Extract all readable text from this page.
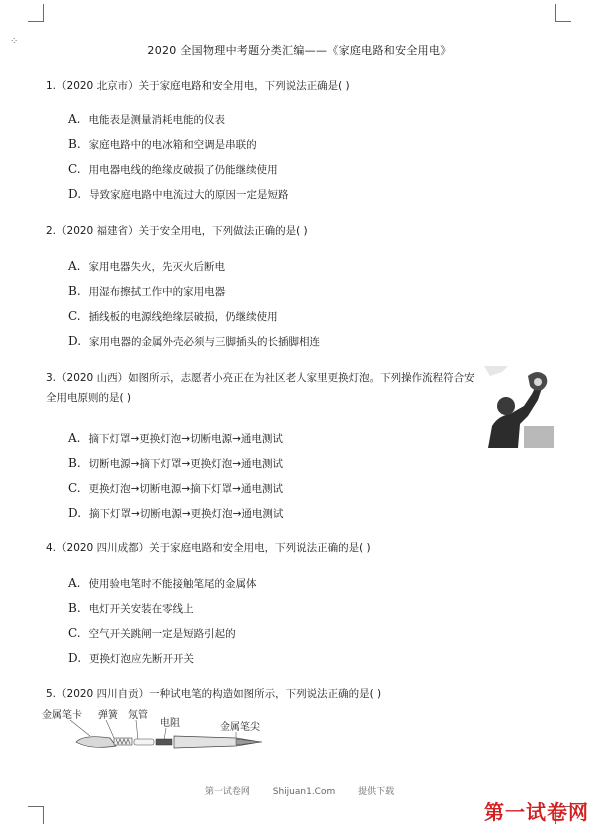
⁘
2020 全国物理中考题分类汇编——《家庭电路和安全用电》
1.（2020 北京市）关于家庭电路和安全用电，下列说法正确是( )
A. 电能表是测量消耗电能的仪表
B. 家庭电路中的电冰箱和空调是串联的
C. 用电器电线的绝缘皮破损了仍能继续使用
D. 导致家庭电路中电流过大的原因一定是短路
2.（2020 福建省）关于安全用电，下列做法正确的是( )
A. 家用电器失火，先灭火后断电
B. 用湿布擦拭工作中的家用电器
C. 插线板的电源线绝缘层破损，仍继续使用
D. 家用电器的金属外壳必须与三脚插头的长插脚相连
3.（2020 山西）如图所示，志愿者小亮正在为社区老人家里更换灯泡。下列操作流程符合安全用电原则的是( )
A. 摘下灯罩→更换灯泡→切断电源→通电测试
B. 切断电源→摘下灯罩→更换灯泡→通电测试
C. 更换灯泡→切断电源→摘下灯罩→通电测试
D. 摘下灯罩→切断电源→更换灯泡→通电测试
4.（2020 四川成都）关于家庭电路和安全用电，下列说法正确的是( )
A. 使用验电笔时不能接触笔尾的金属体
B. 电灯开关安装在零线上
C. 空气开关跳闸一定是短路引起的
D. 更换灯泡应先断开开关
5.（2020 四川自贡）一种试电笔的构造如图所示，下列说法正确的是( )
金属笔卡 弹簧 氖管
电阻	金属笔尖
第一试卷网	Shijuan1.Com	提供下载
第一试卷网
